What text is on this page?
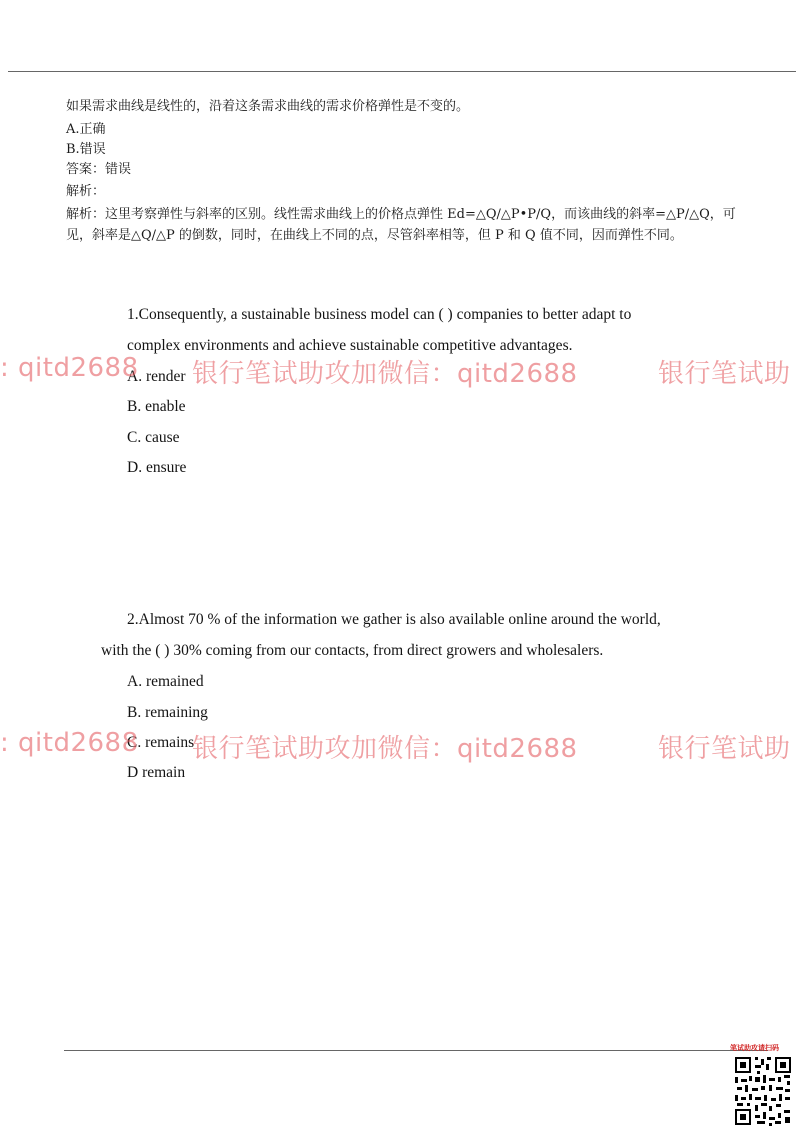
如果需求曲线是线性的，沿着这条需求曲线的需求价格弹性是不变的。
A.正确
B.错误
答案：错误
解析：
解析：这里考察弹性与斜率的区别。线性需求曲线上的价格点弹性 Ed=△Q/△P•P/Q，而该曲线的斜率=△P/△Q，可见，斜率是△Q/△P 的倒数，同时，在曲线上不同的点，尽管斜率相等，但 P 和 Q 值不同，因而弹性不同。
1.Consequently, a sustainable business model can ( ) companies to better adapt to
complex environments and achieve sustainable competitive advantages.
A. render
B. enable
C. cause
D. ensure
2.Almost 70 % of the information we gather is also available online around the world,
with the ( ) 30% coming from our contacts, from direct growers and wholesalers.
A. remained
B. remaining
C. remains
D remain
: qitd2688 银行笔试助攻加微信：qitd2688	银行笔试助
: qitd2688 银行笔试助攻加微信：qitd2688	银行笔试助
笔试助攻请扫码
